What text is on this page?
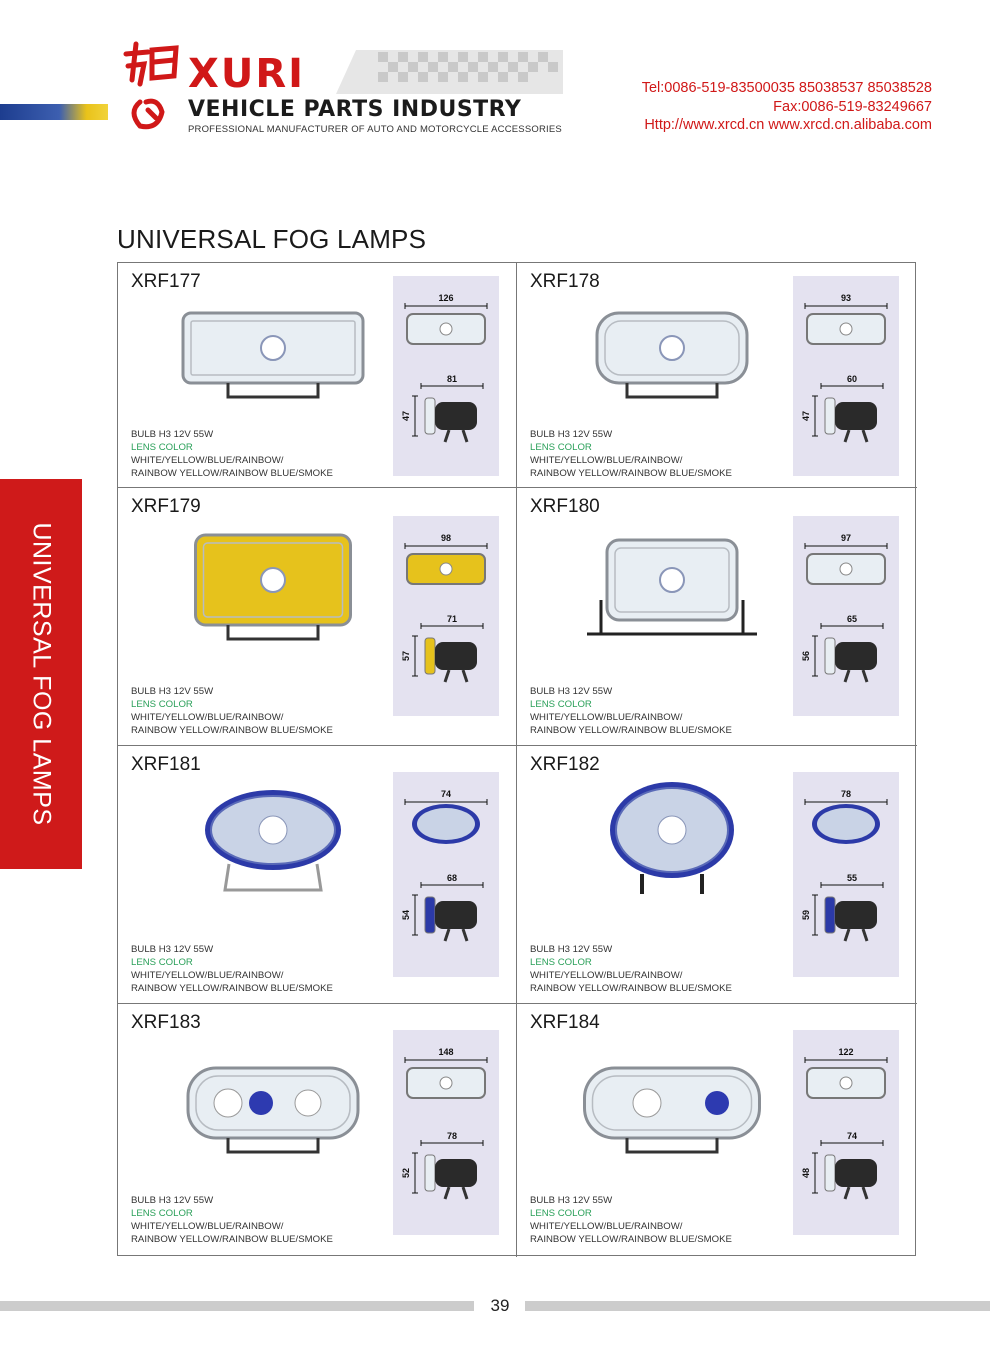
XURI
VEHICLE PARTS INDUSTRY
PROFESSIONAL MANUFACTURER OF AUTO AND MOTORCYCLE ACCESSORIES
Tel:0086-519-83500035 85038537 85038528
Fax:0086-519-83249667
Http://www.xrcd.cn www.xrcd.cn.alibaba.com
UNIVERSAL FOG LAMPS
UNIVERSAL FOG LAMPS
XRF177
126
81
47
BULB H3 12V 55W
LENS COLOR
WHITE/YELLOW/BLUE/RAINBOW/
RAINBOW YELLOW/RAINBOW BLUE/SMOKE
XRF178
93
60
47
BULB H3 12V 55W
LENS COLOR
WHITE/YELLOW/BLUE/RAINBOW/
RAINBOW YELLOW/RAINBOW BLUE/SMOKE
XRF179
98
71
57
BULB H3 12V 55W
LENS COLOR
WHITE/YELLOW/BLUE/RAINBOW/
RAINBOW YELLOW/RAINBOW BLUE/SMOKE
XRF180
97
65
56
BULB H3 12V 55W
LENS COLOR
WHITE/YELLOW/BLUE/RAINBOW/
RAINBOW YELLOW/RAINBOW BLUE/SMOKE
XRF181
74
68
54
BULB H3 12V 55W
LENS COLOR
WHITE/YELLOW/BLUE/RAINBOW/
RAINBOW YELLOW/RAINBOW BLUE/SMOKE
XRF182
78
55
59
BULB H3 12V 55W
LENS COLOR
WHITE/YELLOW/BLUE/RAINBOW/
RAINBOW YELLOW/RAINBOW BLUE/SMOKE
XRF183
148
78
52
BULB H3 12V 55W
LENS COLOR
WHITE/YELLOW/BLUE/RAINBOW/
RAINBOW YELLOW/RAINBOW BLUE/SMOKE
XRF184
122
74
48
BULB H3 12V 55W
LENS COLOR
WHITE/YELLOW/BLUE/RAINBOW/
RAINBOW YELLOW/RAINBOW BLUE/SMOKE
39
